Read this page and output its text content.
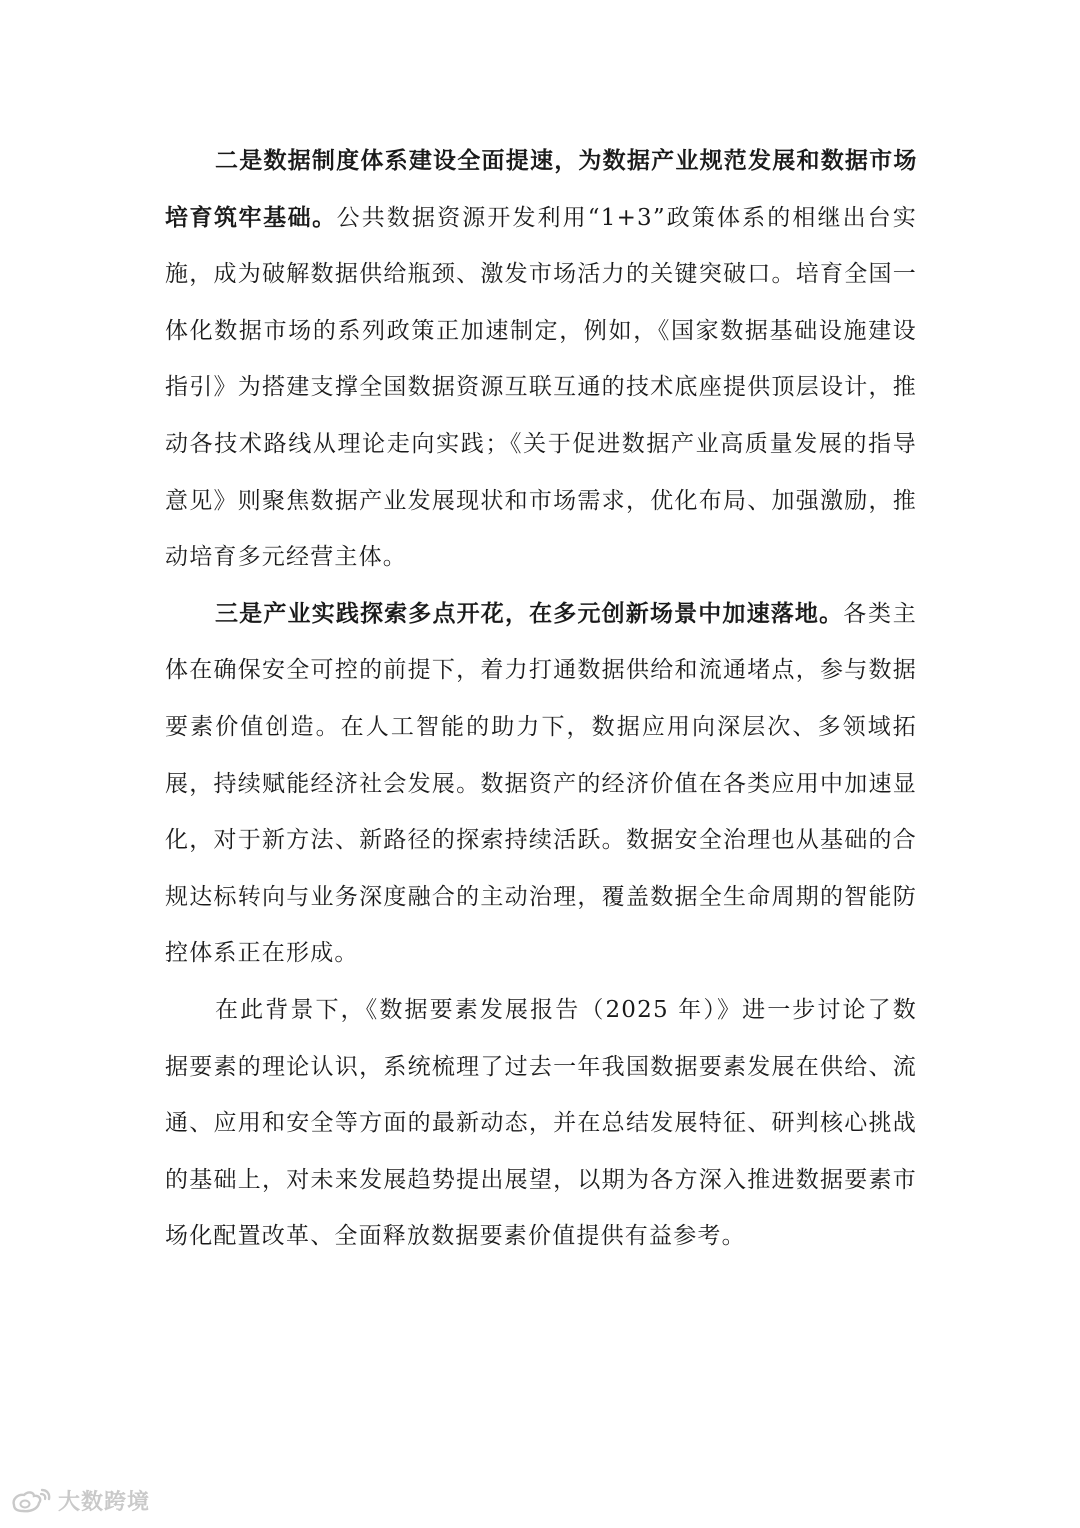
二是数据制度体系建设全面提速，为数据产业规范发展和数据市场培育筑牢基础。公共数据资源开发利用“1+3”政策体系的相继出台实施，成为破解数据供给瓶颈、激发市场活力的关键突破口。培育全国一体化数据市场的系列政策正加速制定，例如，《国家数据基础设施建设指引》为搭建支撑全国数据资源互联互通的技术底座提供顶层设计，推动各技术路线从理论走向实践；《关于促进数据产业高质量发展的指导意见》则聚焦数据产业发展现状和市场需求，优化布局、加强激励，推动培育多元经营主体。

三是产业实践探索多点开花，在多元创新场景中加速落地。各类主体在确保安全可控的前提下，着力打通数据供给和流通堵点，参与数据要素价值创造。在人工智能的助力下，数据应用向深层次、多领域拓展，持续赋能经济社会发展。数据资产的经济价值在各类应用中加速显化，对于新方法、新路径的探索持续活跃。数据安全治理也从基础的合规达标转向与业务深度融合的主动治理，覆盖数据全生命周期的智能防控体系正在形成。

在此背景下，《数据要素发展报告（2025 年）》进一步讨论了数据要素的理论认识，系统梳理了过去一年我国数据要素发展在供给、流通、应用和安全等方面的最新动态，并在总结发展特征、研判核心挑战的基础上，对未来发展趋势提出展望，以期为各方深入推进数据要素市场化配置改革、全面释放数据要素价值提供有益参考。

大数跨境
